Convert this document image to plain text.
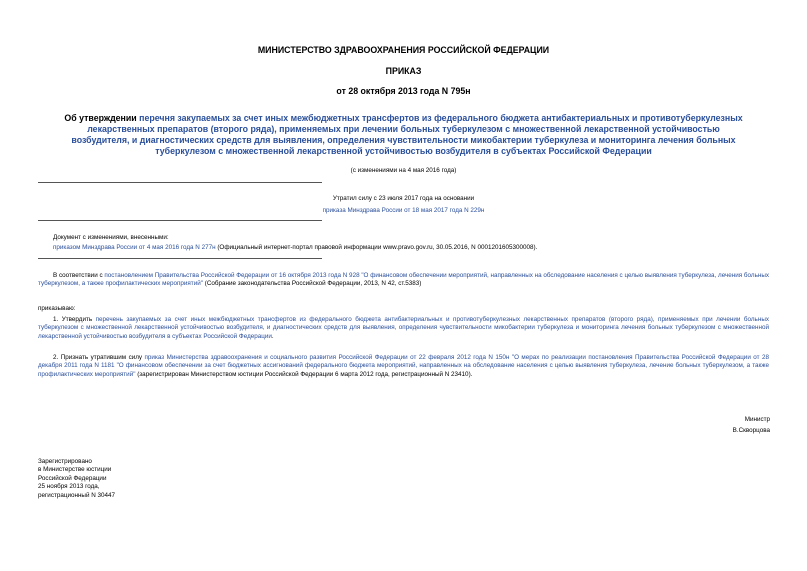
МИНИСТЕРСТВО ЗДРАВООХРАНЕНИЯ РОССИЙСКОЙ ФЕДЕРАЦИИ
ПРИКАЗ
от 28 октября 2013 года N 795н
Об утверждении перечня закупаемых за счет иных межбюджетных трансфертов из федерального бюджета антибактериальных и противотуберкулезных лекарственных препаратов (второго ряда), применяемых при лечении больных туберкулезом с множественной лекарственной устойчивостью возбудителя, и диагностических средств для выявления, определения чувствительности микобактерии туберкулеза и мониторинга лечения больных туберкулезом с множественной лекарственной устойчивостью возбудителя в субъектах Российской Федерации
(с изменениями на 4 мая 2016 года)
Утратил силу с 23 июля 2017 года на основании
приказа Минздрава России от 18 мая 2017 года N 229н
Документ с изменениями, внесенными:
приказом Минздрава России от 4 мая 2016 года N 277н (Официальный интернет-портал правовой информации www.pravo.gov.ru, 30.05.2016, N 0001201605300008).
В соответствии с постановлением Правительства Российской Федерации от 16 октября 2013 года N 928 "О финансовом обеспечении мероприятий, направленных на обследование населения с целью выявления туберкулеза, лечения больных туберкулезом, а также профилактических мероприятий" (Собрание законодательства Российской Федерации, 2013, N 42, ст.5383)
приказываю:
1. Утвердить перечень закупаемых за счет иных межбюджетных трансфертов из федерального бюджета антибактериальных и противотуберкулезных лекарственных препаратов (второго ряда), применяемых при лечении больных туберкулезом с множественной лекарственной устойчивостью возбудителя, и диагностических средств для выявления, определения чувствительности микобактерии туберкулеза и мониторинга лечения больных туберкулезом с множественной лекарственной устойчивостью возбудителя в субъектах Российской Федерации.
2. Признать утратившим силу приказ Министерства здравоохранения и социального развития Российской Федерации от 22 февраля 2012 года N 150н "О мерах по реализации постановления Правительства Российской Федерации от 28 декабря 2011 года N 1181 "О финансовом обеспечении за счет бюджетных ассигнований федерального бюджета мероприятий, направленных на обследование населения с целью выявления туберкулеза, лечение больных туберкулезом, а также профилактических мероприятий" (зарегистрирован Министерством юстиции Российской Федерации 6 марта 2012 года, регистрационный N 23410).
Министр
В.Скворцова
Зарегистрировано
в Министерстве юстиции
Российской Федерации
25 ноября 2013 года,
регистрационный N 30447
